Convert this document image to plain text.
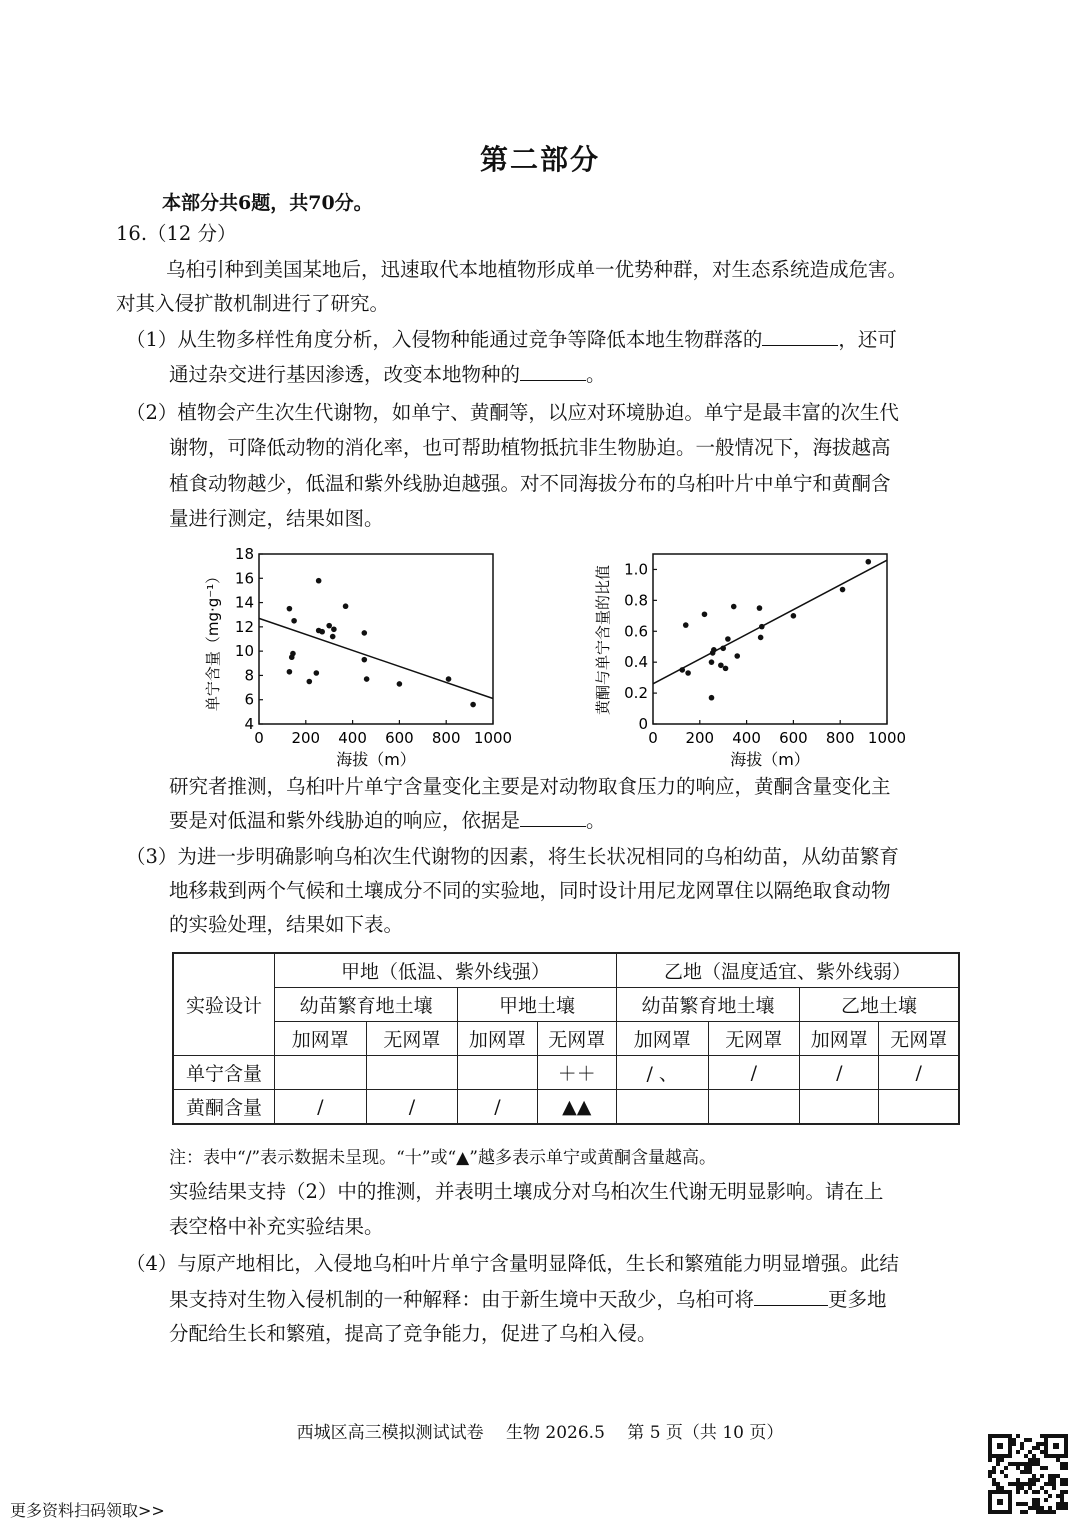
第二部分
本部分共6题，共70分。
16.（12 分）
乌桕引种到美国某地后，迅速取代本地植物形成单一优势种群，对生态系统造成危害。
对其入侵扩散机制进行了研究。
（1）从生物多样性角度分析，入侵物种能通过竞争等降低本地生物群落的	，还可
通过杂交进行基因渗透，改变本地物种的	。
（2）植物会产生次生代谢物，如单宁、黄酮等，以应对环境胁迫。单宁是最丰富的次生代
谢物，可降低动物的消化率，也可帮助植物抵抗非生物胁迫。一般情况下，海拔越高
植食动物越少，低温和紫外线胁迫越强。对不同海拔分布的乌桕叶片中单宁和黄酮含
量进行测定，结果如图。
0 200 400 600 800 1000
4
6
8
10
12
14
16
18
海拔（m）
单宁含量（mg·g⁻¹）
0 200 400 600 800 1000
0
0.2
0.4
0.6
0.8
1.0
海拔（m）
黄酮与单宁含量的比值
研究者推测，乌桕叶片单宁含量变化主要是对动物取食压力的响应，黄酮含量变化主
要是对低温和紫外线胁迫的响应，依据是	。
（3）为进一步明确影响乌桕次生代谢物的因素，将生长状况相同的乌桕幼苗，从幼苗繁育
地移栽到两个气候和土壤成分不同的实验地，同时设计用尼龙网罩住以隔绝取食动物
的实验处理，结果如下表。
实验设计	甲地（低温、紫外线强）				乙地（温度适宜、紫外线弱）			
	幼苗繁育地土壤		甲地土壤		幼苗繁育地土壤		乙地土壤	
	加网罩	无网罩	加网罩	无网罩	加网罩	无网罩	加网罩	无网罩
单宁含量				＋＋	/ 、	/	/	/
黄酮含量	/	/	/	▲▲				
注：表中“/”表示数据未呈现。“十”或“▲”越多表示单宁或黄酮含量越高。
实验结果支持（2）中的推测，并表明土壤成分对乌桕次生代谢无明显影响。请在上
表空格中补充实验结果。
（4）与原产地相比，入侵地乌桕叶片单宁含量明显降低，生长和繁殖能力明显增强。此结
果支持对生物入侵机制的一种解释：由于新生境中天敌少，乌桕可将	更多地
分配给生长和繁殖，提高了竞争能力，促进了乌桕入侵。
西城区高三模拟测试试卷　 生物 2026.5　 第 5 页（共 10 页）
更多资料扫码领取>>
